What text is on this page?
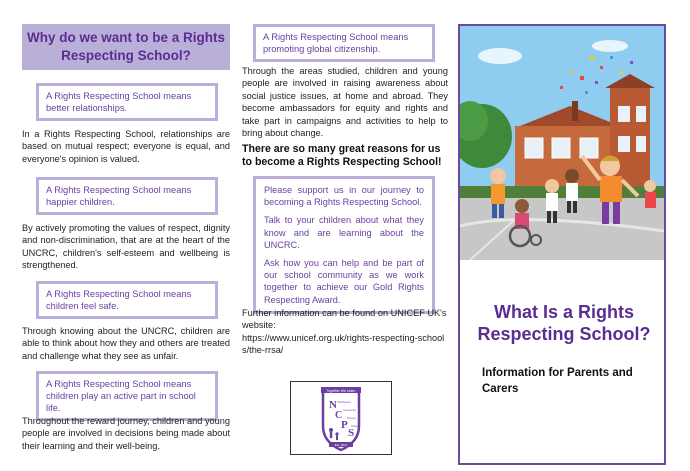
Why do we want to be a Rights Respecting School?
A Rights Respecting School means better relationships.
In a Rights Respecting School, relationships are based on mutual respect; everyone is equal, and everyone's opinion is valued.
A Rights Respecting School means happier children.
By actively promoting the values of respect, dignity and non-discrimination, that are at the heart of the UNCRC, children's self-esteem and wellbeing is strengthened.
A Rights Respecting School means children feel safe.
Through knowing about the UNCRC, children are able to think about how they and others are treated and challenge what they see as unfair.
A Rights Respecting School means children play an active part in school life.
Throughout the reward journey, children and young people are involved in decisions being made about their learning and their well-being.
A Rights Respecting School means promoting global citizenship.
Through the areas studied, children and young people are involved in raising awareness about social justice issues, at home and abroad. They become ambassadors for equity and rights and take part in campaigns and activities to help to bring about change.
There are so many great reasons for us to become a Rights Respecting School!

Please support us in our journey to becoming a Rights Respecting School.

Talk to your children about what they know and are learning about the UNCRC.

Ask how you can help and be part of our school community as we work together to achieve our Gold Rights Respecting Award.

Further information can be found on UNICEF UK's website:
https://www.unicef.org.uk/rights-respecting-schools/the-rrsa/
Together We Learn
N
C
P
S
Northwood
Community
Primary
School
Est. 2011
What Is a Rights Respecting School?
Information for Parents and Carers
